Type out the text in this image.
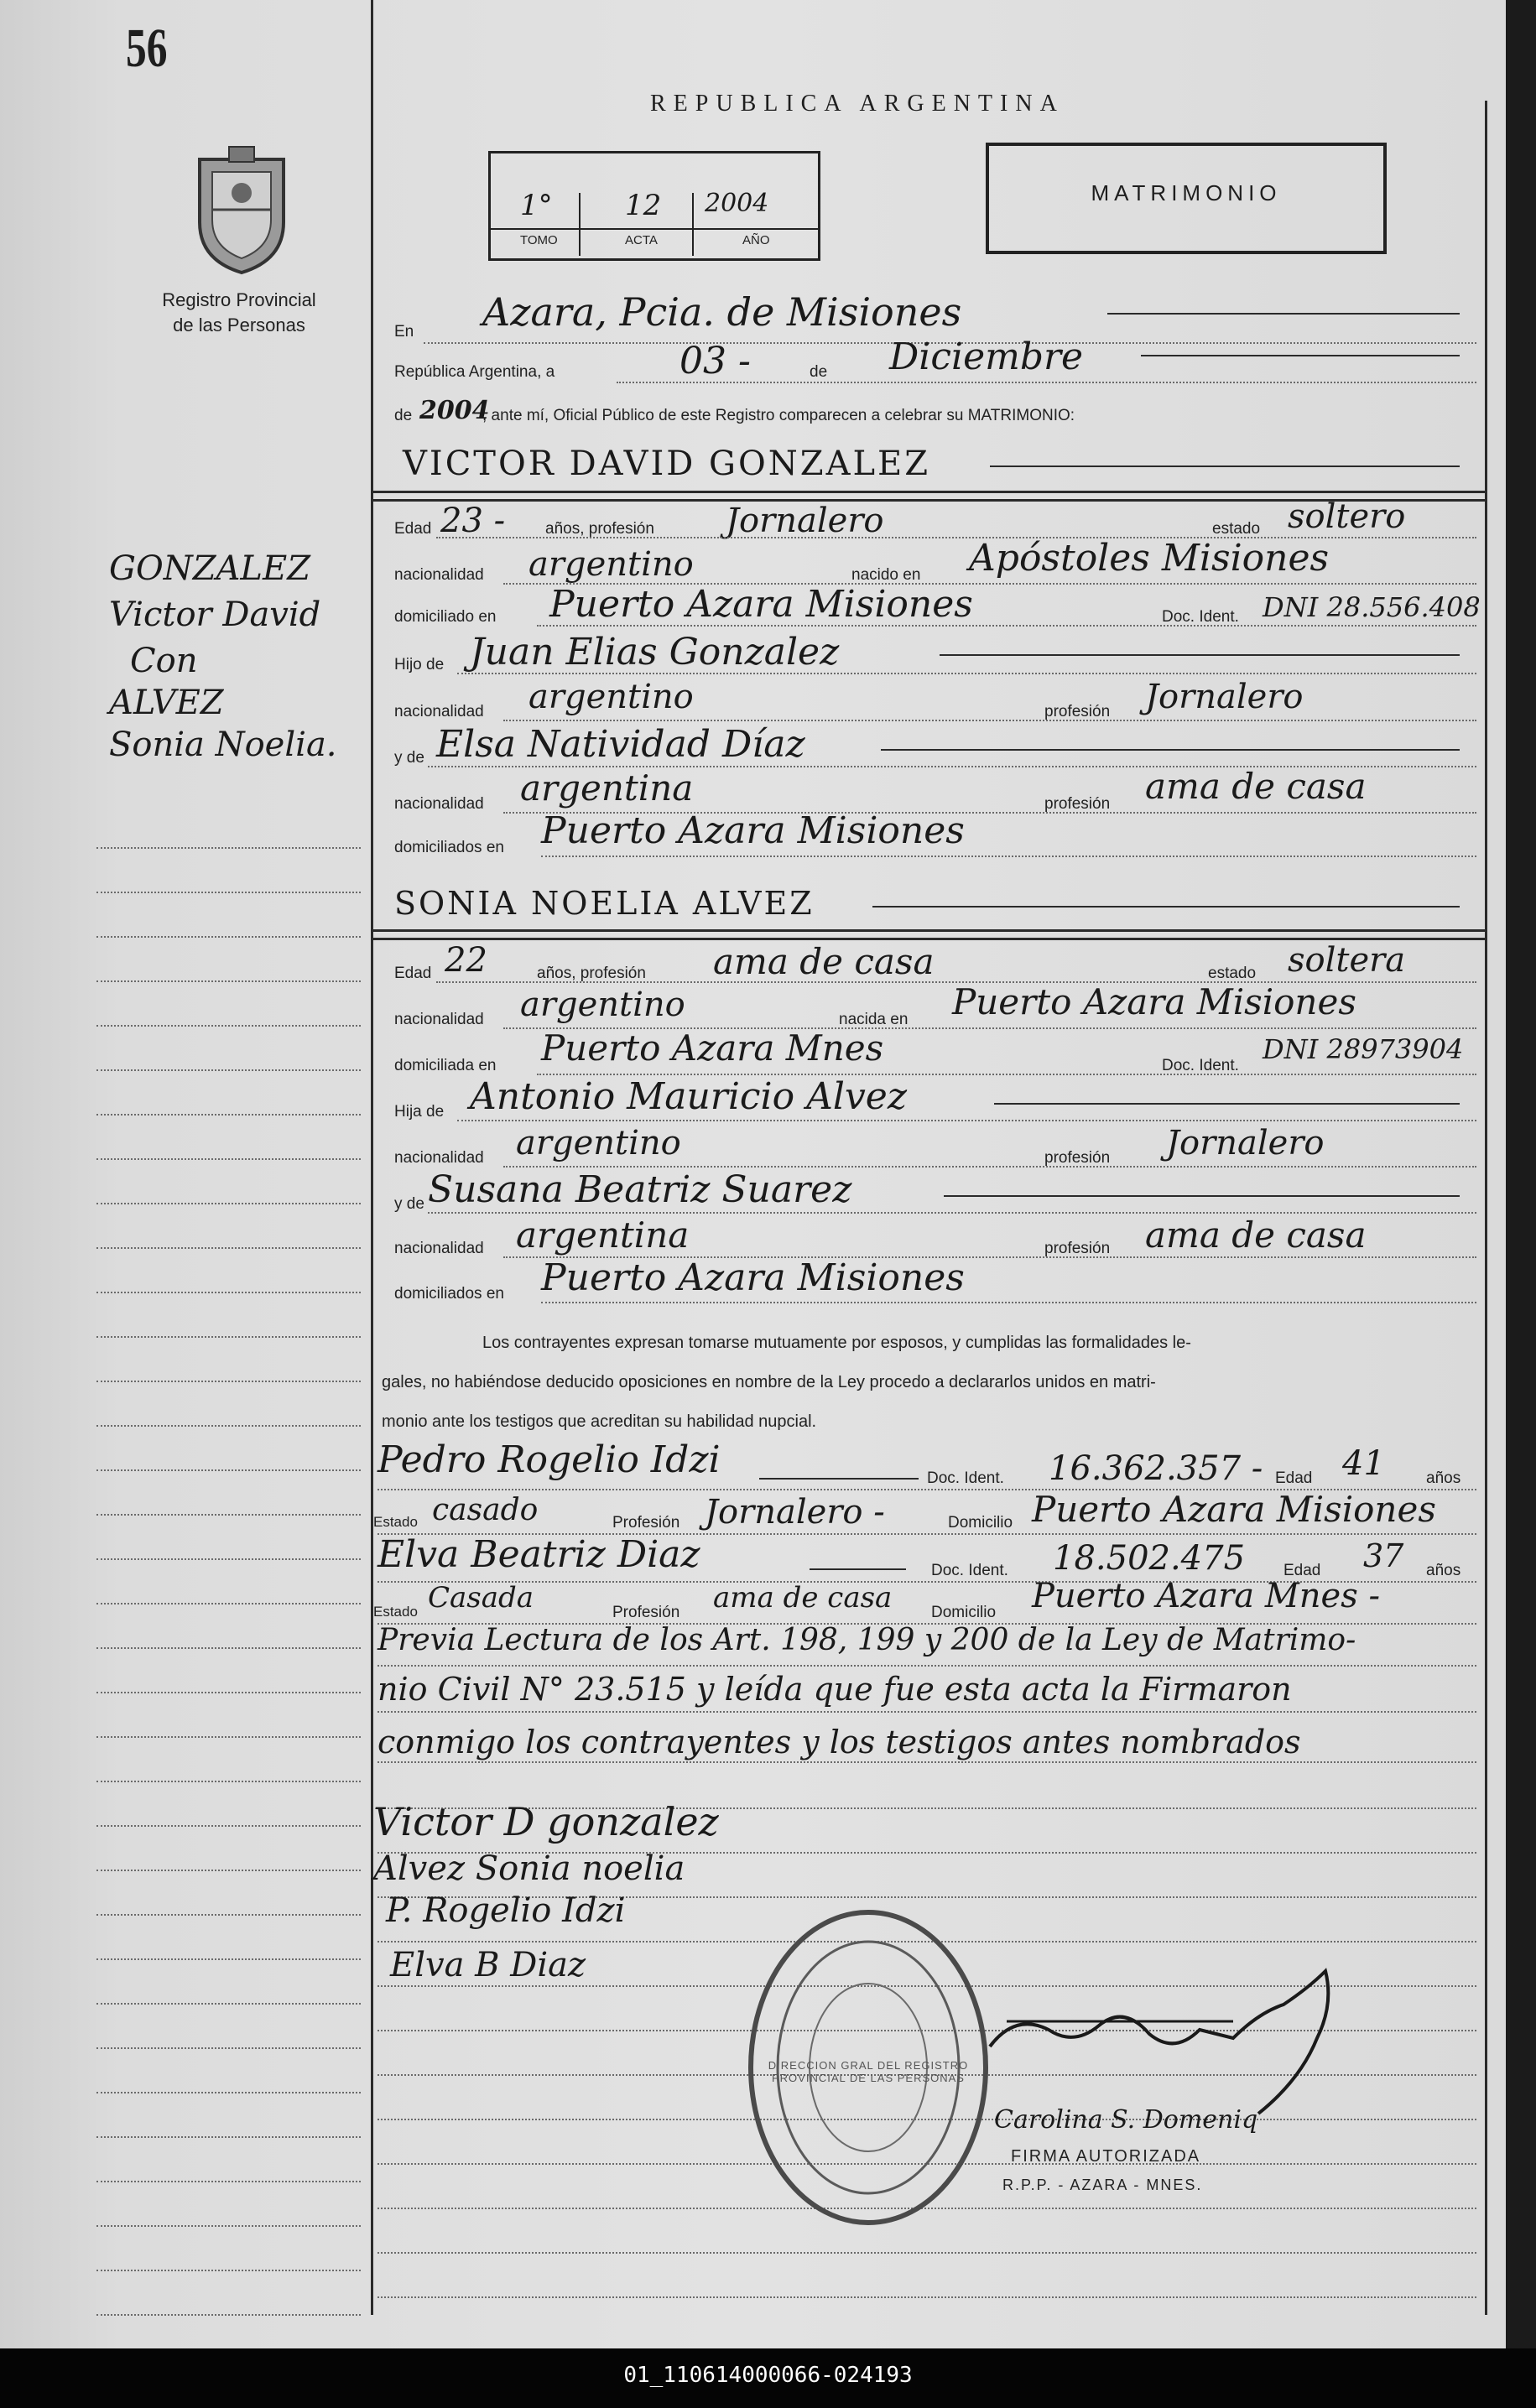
56
Registro Provincial
de las Personas
REPUBLICA ARGENTINA
1°	12 2004
TOMO	ACTA	AÑO
MATRIMONIO
GONZALEZ
Victor David
Con
ALVEZ
Sonia Noelia.
En Azara, Pcia. de Misiones
República Argentina, a	03 -	de Diciembre
de 2004
, ante mí, Oficial Público de este Registro comparecen a celebrar su MATRIMONIO:
VICTOR DAVID GONZALEZ
Edad 23 -	años, profesión Jornalero	estado soltero
nacionalidad argentino	nacido en Apóstoles Misiones
domiciliado en Puerto Azara Misiones	Doc. Ident. DNI 28.556.408
Hijo de Juan Elias Gonzalez
nacionalidad argentino	profesión Jornalero
y de Elsa Natividad Díaz
nacionalidad argentina	profesión ama de casa
domiciliados en Puerto Azara Misiones
SONIA NOELIA ALVEZ
Edad 22	años, profesión ama de casa	estado soltera
nacionalidad argentino	nacida en Puerto Azara Misiones
domiciliada en Puerto Azara Mnes	Doc. Ident.
DNI 28973904
Hija de Antonio Mauricio Alvez
nacionalidad argentino	profesión Jornalero
y de Susana Beatriz Suarez
nacionalidad argentina	profesión ama de casa
domiciliados en Puerto Azara Misiones
Los contrayentes expresan tomarse mutuamente por esposos, y cumplidas las formalidades le-
gales, no habiéndose deducido oposiciones en nombre de la Ley procedo a declararlos unidos en matri-
monio ante los testigos que acreditan su habilidad nupcial.
Pedro Rogelio Idzi	Doc. Ident. 16.362.357 - Edad 41	años
Estado casado	Profesión Jornalero -	Domicilio Puerto Azara Misiones
Elva Beatriz Diaz	Doc. Ident. 18.502.475 Edad 37 años
Estado Casada	Profesión ama de casa Domicilio Puerto Azara Mnes -
Previa Lectura de los Art. 198, 199 y 200 de la Ley de Matrimo-
nio Civil N° 23.515 y leída que fue esta acta la Firmaron
conmigo los contrayentes y los testigos antes nombrados
Victor D gonzalez
Alvez Sonia noelia
P. Rogelio Idzi
Elva B Diaz
DIRECCION GRAL DEL REGISTRO PROVINCIAL DE LAS PERSONAS
Carolina S. Domeniq
FIRMA AUTORIZADA
R.P.P. - AZARA - MNES.
01_110614000066-024193
